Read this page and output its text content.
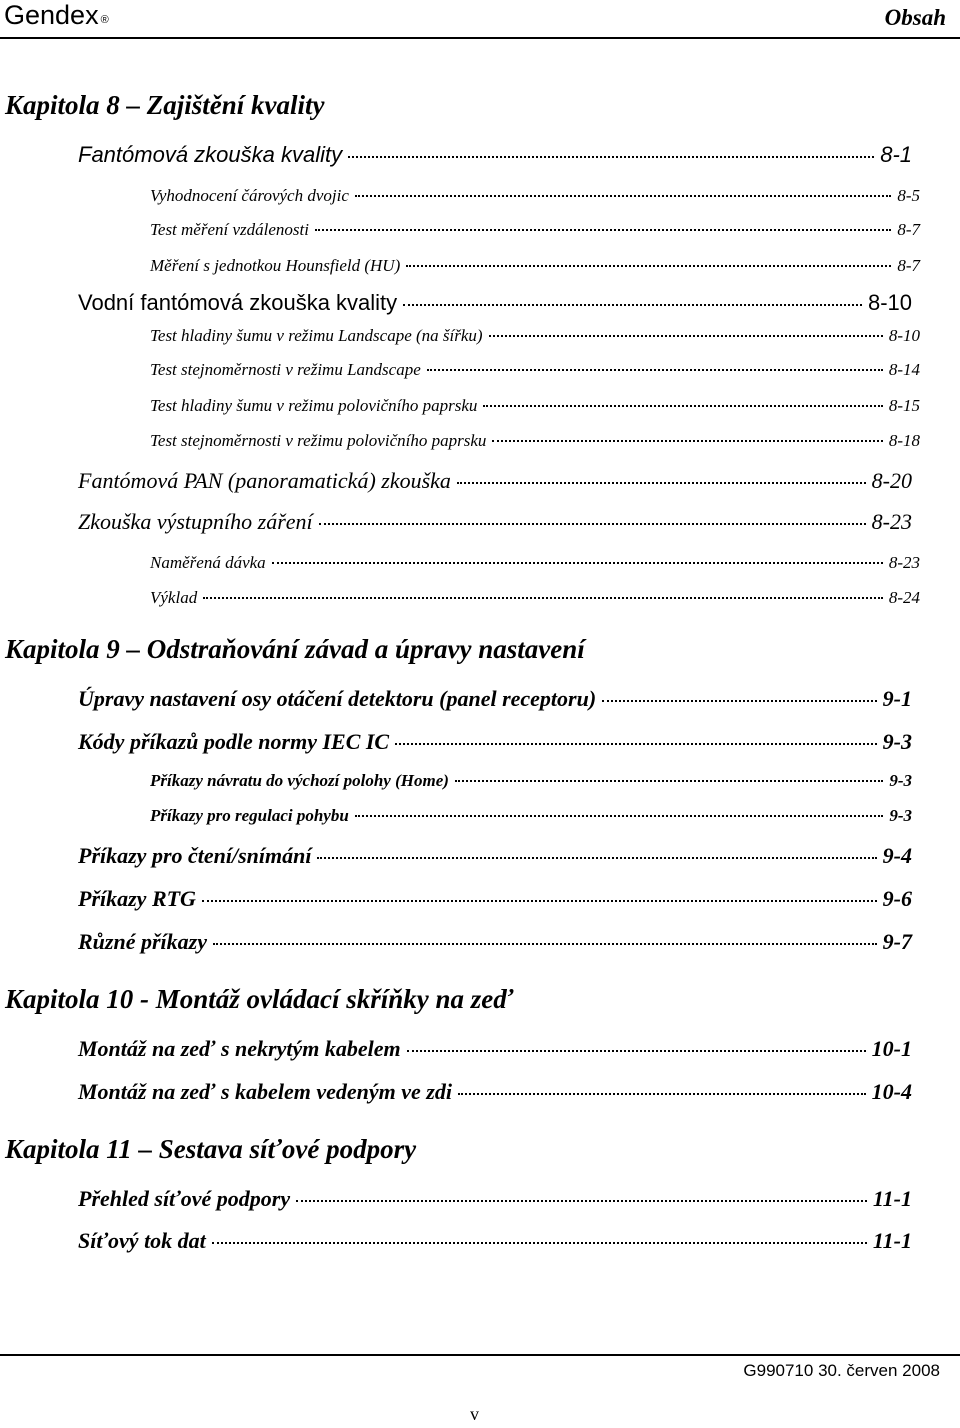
Gendex ®	Obsah
Kapitola 8 – Zajištění kvality
Fantómová zkouška kvality	8-1
Vyhodnocení čárových dvojic	8-5
Test měření vzdálenosti	8-7
Měření s jednotkou Hounsfield (HU)	8-7
Vodní fantómová zkouška kvality	8-10
Test hladiny šumu v režimu Landscape (na šířku)	8-10
Test stejnoměrnosti v režimu Landscape	8-14
Test hladiny šumu v režimu polovičního paprsku	8-15
Test stejnoměrnosti v režimu polovičního paprsku	8-18
Fantómová PAN (panoramatická) zkouška	8-20
Zkouška výstupního záření	8-23
Naměřená dávka	8-23
Výklad	8-24
Kapitola 9 – Odstraňování závad a úpravy nastavení
Úpravy nastavení osy otáčení detektoru (panel receptoru)	9-1
Kódy příkazů podle normy IEC IC	9-3
Příkazy návratu do výchozí polohy (Home)	9-3
Příkazy pro regulaci pohybu	9-3
Příkazy pro čtení/snímání	9-4
Příkazy RTG	9-6
Různé příkazy	9-7
Kapitola 10 - Montáž ovládací skříňky na zeď
Montáž na zeď s nekrytým kabelem	10-1
Montáž na zeď s kabelem vedeným ve zdi	10-4
Kapitola 11 – Sestava síťové podpory
Přehled síťové podpory	11-1
Síťový tok dat	11-1
G990710 30. červen 2008
v
